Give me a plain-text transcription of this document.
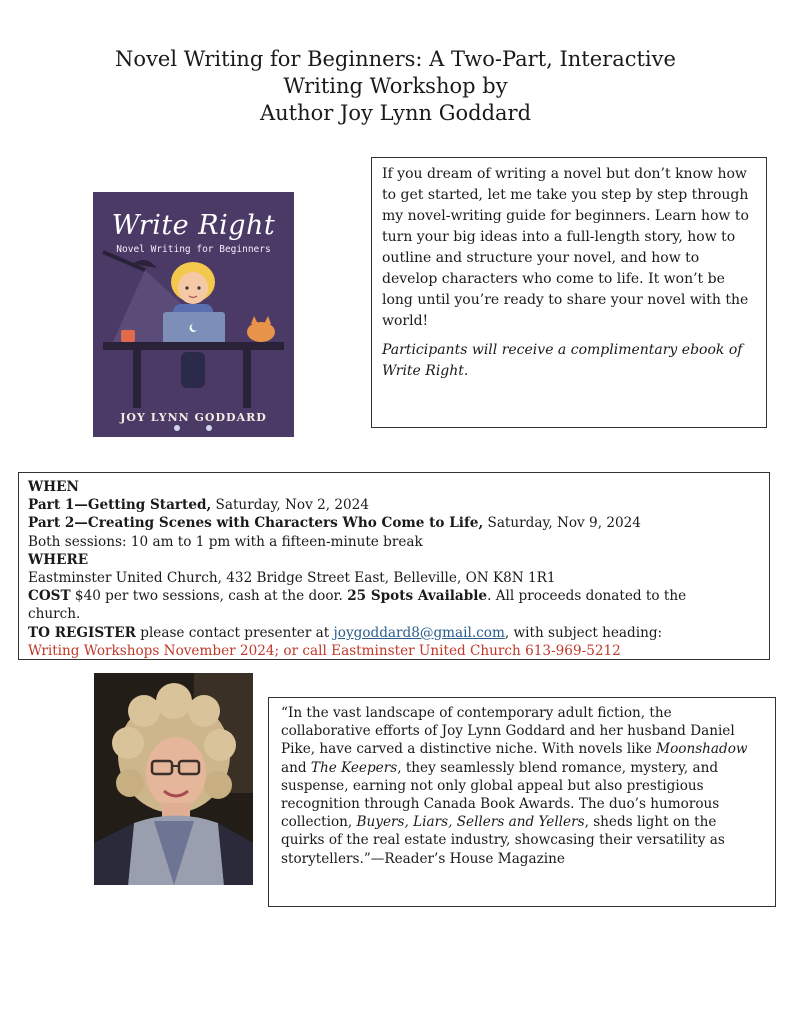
Novel Writing for Beginners: A Two-Part, Interactive
Writing Workshop by
Author Joy Lynn Goddard
Write Right
Novel Writing for Beginners
JOY LYNN GODDARD

If you dream of writing a novel but don’t know how to get started, let me take you step by step through my novel-writing guide for beginners. Learn how to turn your big ideas into a full-length story, how to outline and structure your novel, and how to develop characters who come to life. It won’t be long until you’re ready to share your novel with the world!

Participants will receive a complimentary ebook of Write Right.

WHEN
Part 1—Getting Started, Saturday, Nov 2, 2024
Part 2—Creating Scenes with Characters Who Come to Life, Saturday, Nov 9, 2024
Both sessions: 10 am to 1 pm with a fifteen-minute break
WHERE
Eastminster United Church, 432 Bridge Street East, Belleville, ON K8N 1R1
COST $40 per two sessions, cash at the door. 25 Spots Available. All proceeds donated to the
church.
TO REGISTER please contact presenter at joygoddard8@gmail.com, with subject heading:
Writing Workshops November 2024; or call Eastminster United Church 613-969-5212

“In the vast landscape of contemporary adult fiction, the collaborative efforts of Joy Lynn Goddard and her husband Daniel Pike, have carved a distinctive niche. With novels like Moonshadow and The Keepers, they seamlessly blend romance, mystery, and suspense, earning not only global appeal but also prestigious recognition through Canada Book Awards. The duo’s humorous collection, Buyers, Liars, Sellers and Yellers, sheds light on the quirks of the real estate industry, showcasing their versatility as storytellers.”—Reader’s House Magazine
